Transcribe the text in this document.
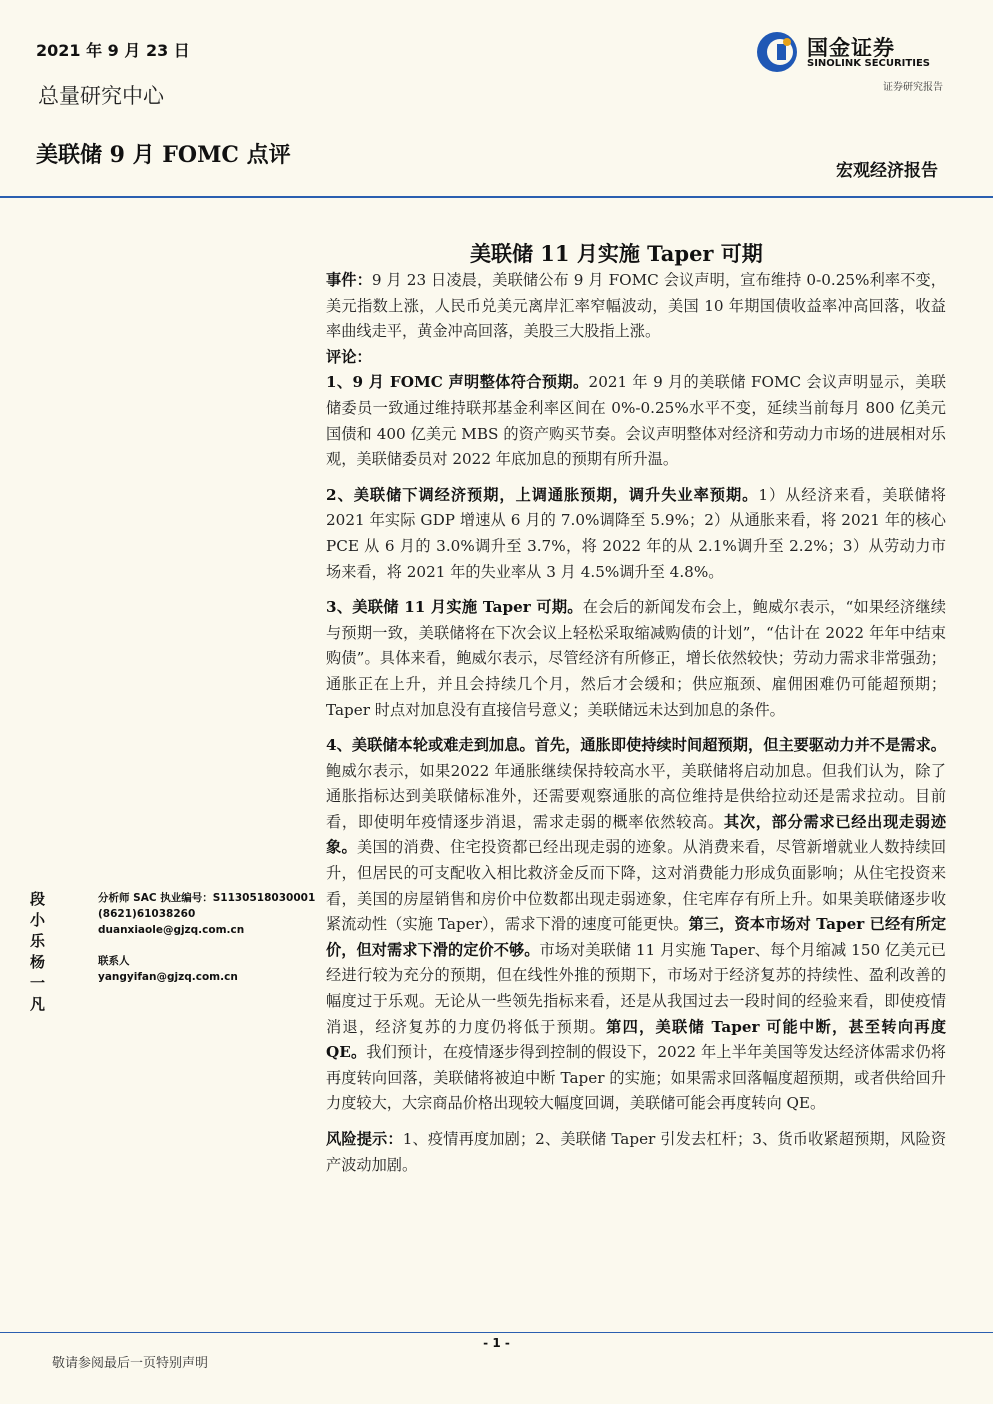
2021 年 9 月 23 日
总量研究中心
美联储 9 月 FOMC 点评
国金证券
SINOLINK SECURITIES
证券研究报告
宏观经济报告
美联储 11 月实施 Taper 可期

事件：9 月 23 日凌晨，美联储公布 9 月 FOMC 会议声明，宣布维持 0-0.25%利率不变，美元指数上涨，人民币兑美元离岸汇率窄幅波动，美国 10 年期国债收益率冲高回落，收益率曲线走平，黄金冲高回落，美股三大股指上涨。

评论：

1、9 月 FOMC 声明整体符合预期。2021 年 9 月的美联储 FOMC 会议声明显示，美联储委员一致通过维持联邦基金利率区间在 0%-0.25%水平不变，延续当前每月 800 亿美元国债和 400 亿美元 MBS 的资产购买节奏。会议声明整体对经济和劳动力市场的进展相对乐观，美联储委员对 2022 年底加息的预期有所升温。

2、美联储下调经济预期，上调通胀预期，调升失业率预期。1）从经济来看，美联储将 2021 年实际 GDP 增速从 6 月的 7.0%调降至 5.9%；2）从通胀来看，将 2021 年的核心 PCE 从 6 月的 3.0%调升至 3.7%，将 2022 年的从 2.1%调升至 2.2%；3）从劳动力市场来看，将 2021 年的失业率从 3 月 4.5%调升至 4.8%。

3、美联储 11 月实施 Taper 可期。在会后的新闻发布会上，鲍威尔表示，“如果经济继续与预期一致，美联储将在下次会议上轻松采取缩减购债的计划”，“估计在 2022 年年中结束购债”。具体来看，鲍威尔表示，尽管经济有所修正，增长依然较快；劳动力需求非常强劲；通胀正在上升，并且会持续几个月，然后才会缓和；供应瓶颈、雇佣困难仍可能超预期；Taper 时点对加息没有直接信号意义；美联储远未达到加息的条件。

4、美联储本轮或难走到加息。首先，通胀即使持续时间超预期，但主要驱动力并不是需求。鲍威尔表示，如果2022 年通胀继续保持较高水平，美联储将启动加息。但我们认为，除了通胀指标达到美联储标准外，还需要观察通胀的高位维持是供给拉动还是需求拉动。目前看，即使明年疫情逐步消退，需求走弱的概率依然较高。其次，部分需求已经出现走弱迹象。美国的消费、住宅投资都已经出现走弱的迹象。从消费来看，尽管新增就业人数持续回升，但居民的可支配收入相比救济金反而下降，这对消费能力形成负面影响；从住宅投资来看，美国的房屋销售和房价中位数都出现走弱迹象，住宅库存有所上升。如果美联储逐步收紧流动性（实施 Taper），需求下滑的速度可能更快。第三，资本市场对 Taper 已经有所定价，但对需求下滑的定价不够。市场对美联储 11 月实施 Taper、每个月缩减 150 亿美元已经进行较为充分的预期，但在线性外推的预期下，市场对于经济复苏的持续性、盈利改善的幅度过于乐观。无论从一些领先指标来看，还是从我国过去一段时间的经验来看，即使疫情消退，经济复苏的力度仍将低于预期。第四，美联储 Taper 可能中断，甚至转向再度 QE。我们预计，在疫情逐步得到控制的假设下，2022 年上半年美国等发达经济体需求仍将再度转向回落，美联储将被迫中断 Taper 的实施；如果需求回落幅度超预期，或者供给回升力度较大，大宗商品价格出现较大幅度回调，美联储可能会再度转向 QE。

风险提示：1、疫情再度加剧；2、美联储 Taper 引发去杠杆；3、货币收紧超预期，风险资产波动加剧。

段小乐
分析师 SAC 执业编号：S1130518030001
(8621)61038260
duanxiaole@gjzq.com.cn
杨一凡
联系人
yangyifan@gjzq.com.cn
- 1 -
敬请参阅最后一页特别声明
